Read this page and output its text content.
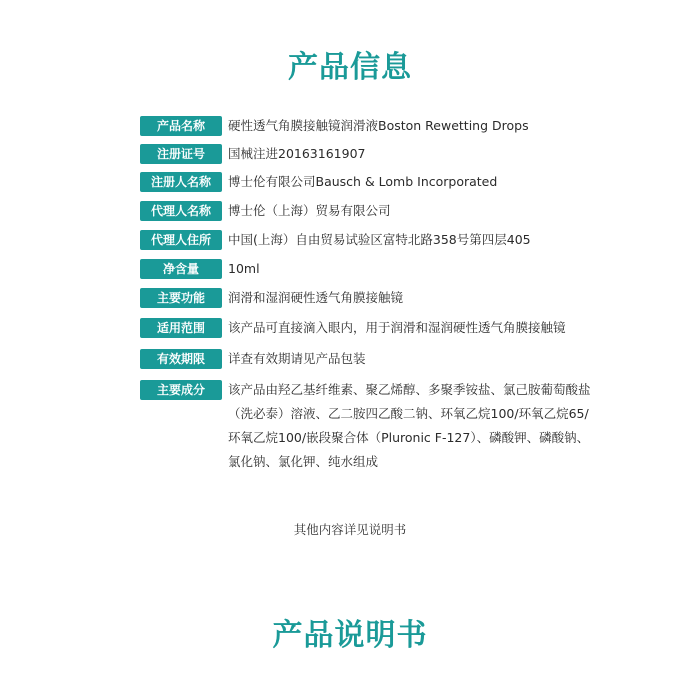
产品信息
产品名称	硬性透气角膜接触镜润滑液Boston Rewetting Drops
注册证号	国械注进20163161907
注册人名称	博士伦有限公司Bausch & Lomb Incorporated
代理人名称	博士伦（上海）贸易有限公司
代理人住所	中国(上海）自由贸易试验区富特北路358号第四层405
净含量	10ml
主要功能	润滑和湿润硬性透气角膜接触镜
适用范围	该产品可直接滴入眼内，用于润滑和湿润硬性透气角膜接触镜
有效期限	详查有效期请见产品包装
主要成分	该产品由羟乙基纤维素、聚乙烯醇、多聚季铵盐、氯己胺葡萄酸盐（洗必泰）溶液、乙二胺四乙酸二钠、环氧乙烷100/环氧乙烷65/环氧乙烷100/嵌段聚合体（Pluronic F-127）、磷酸钾、磷酸钠、氯化钠、氯化钾、纯水组成
其他内容详见说明书
产品说明书
